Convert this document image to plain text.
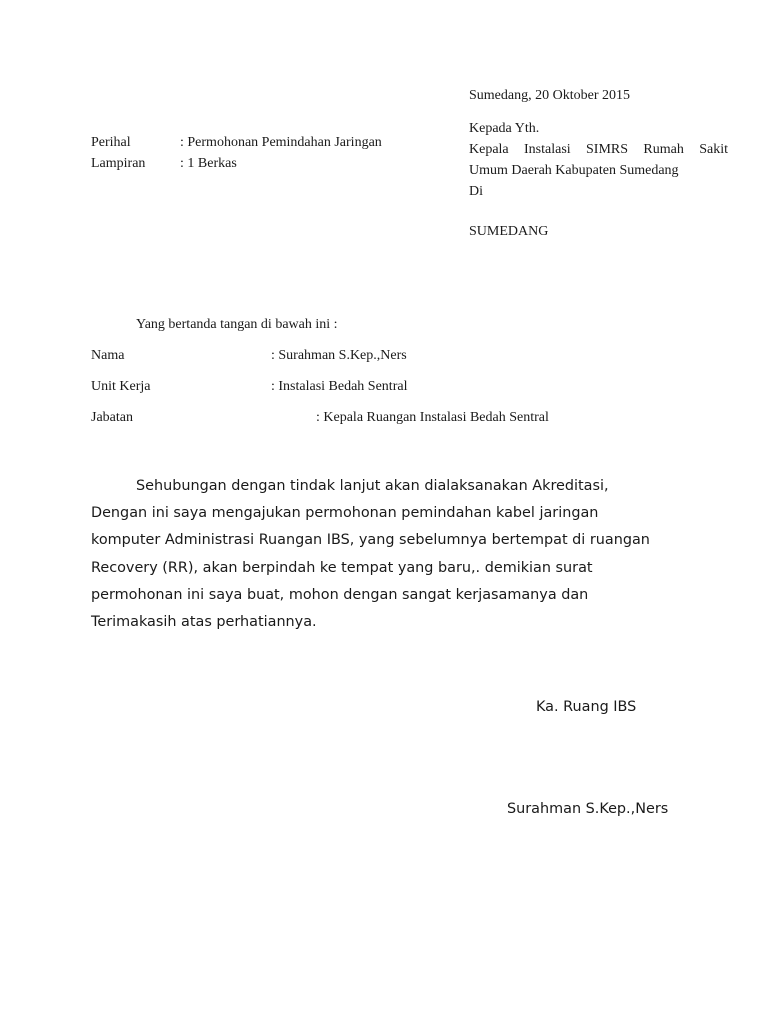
Sumedang, 20 Oktober 2015
Perihal	: Permohonan Pemindahan Jaringan
Lampiran : 1 Berkas
Kepada Yth.
Kepala Instalasi SIMRS Rumah Sakit
Umum Daerah Kabupaten Sumedang
Di
SUMEDANG
Yang bertanda tangan di bawah ini :
Nama	: Surahman S.Kep.,Ners
Unit Kerja	: Instalasi Bedah Sentral
Jabatan	: Kepala Ruangan Instalasi Bedah Sentral
Sehubungan dengan tindak lanjut akan dialaksanakan Akreditasi,
Dengan ini saya mengajukan permohonan pemindahan kabel jaringan
komputer Administrasi Ruangan IBS, yang sebelumnya bertempat di ruangan
Recovery (RR), akan berpindah ke tempat yang baru,. demikian surat
permohonan ini saya buat, mohon dengan sangat kerjasamanya dan
Terimakasih atas perhatiannya.
Ka. Ruang IBS
Surahman S.Kep.,Ners
